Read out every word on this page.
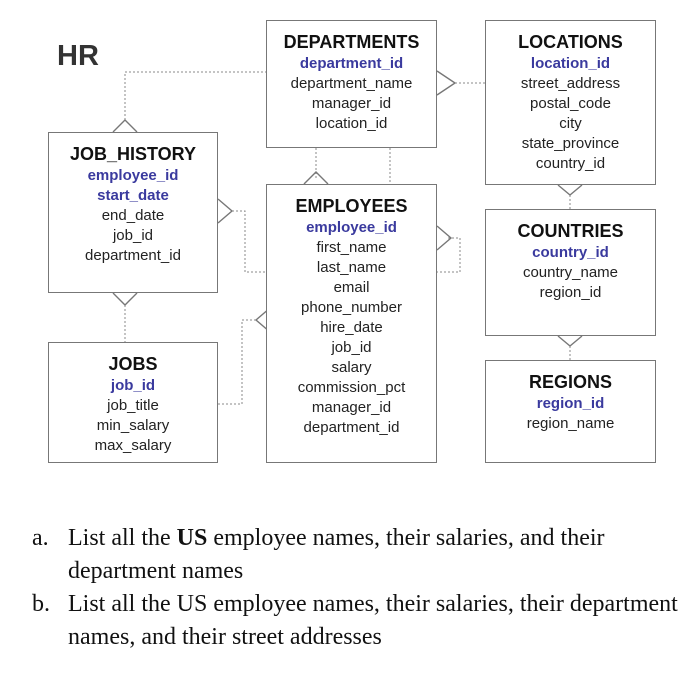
HR	DEPARTMENTS
department_id
department_name
manager_id
location_id
LOCATIONS
location_id
street_address
postal_code
city
state_province
country_id
JOB_HISTORY
employee_id
start_date
end_date
job_id
department_id
EMPLOYEES
employee_id
first_name
last_name
email
phone_number
hire_date
job_id
salary
commission_pct
manager_id
department_id
COUNTRIES
country_id
country_name
region_id
JOBS
job_id
job_title
min_salary
max_salary
REGIONS
region_id
region_name
a. List all the US employee names, their salaries, and their department names
b. List all the US employee names, their salaries, their department names, and their street addresses
